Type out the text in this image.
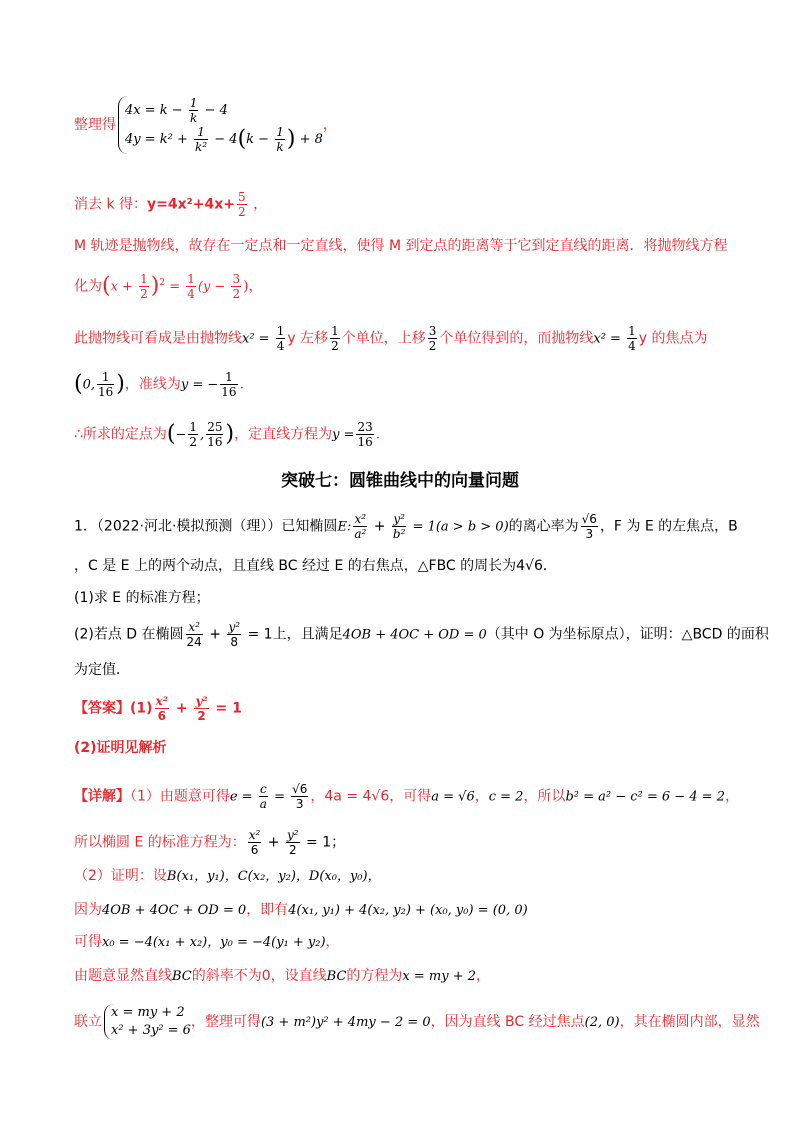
整理得
$4x = k - \frac{1}{k} - 4$
$4y = k^2 + \frac{1}{\text{k²}} - 4(k - \frac{1}{k}$ ) + 8
，
消去 k 得：$y=4x^2+4x+ \frac{5}{2}$ ，
M 轨迹是抛物线，故存在一定点和一定直线，使得 M 到定点的距离等于它到定直线的距离．将抛物线方程
化为$(x + \frac{1}{2} )^2 = \frac{1}{4} (y - \frac{3}{2}$ )，
此抛物线可看成是由抛物线$x^2 = \frac{1}{4}$ y 左移 $\frac{1}{2}$ 个单位，上移 $\frac{3}{2}$ 个单位得到的，而抛物线$x^2 = \frac{1}{4}$ y 的焦点为
(0, $\frac{1}{16}$ )，准线为y = − $\frac{1}{16}$ .
∴所求的定点为(− $\frac{1}{2}$ , $\frac{25}{16}$ )，定直线方程为$y = \frac{23}{16}$ .
突破七：圆锥曲线中的向量问题
1．（2022·河北·模拟预测（理））已知椭圆E: $\frac{\text{x²}}{\text{a²}} + \frac{\text{y²}}{\text{b²}} = 1(a > b > 0)$的离心率为 $\frac{√6}{3}$ ，F 为 E 的左焦点，B
，C 是 E 上的两个动点，且直线 BC 经过 E 的右焦点，△FBC 的周长为4√6．
(1)求 E 的标准方程；
(2)若点 D 在椭圆 $\frac{\text{x²}}{24} + \frac{\text{y²}}{8} = 1$上，且满足4OB + 4OC + OD = 0（其中 O 为坐标原点），证明：△BCD 的面积
为定值．
【答案】$(1) \frac{\text{x²}}{6} + \frac{\text{y²}}{2} = 1$
(2)证明见解析
【详解】（1）由题意可得$e = \frac{c}{a} = \frac{√6}{3}$ ，4a = 4√6，可得a = √6，c = 2，所以b² = a² − c² = 6 − 4 = 2，
所以椭圆 E 的标准方程为： $\frac{\text{x²}}{6} + \frac{\text{y²}}{2} = 1$；
（2）证明：设B(x₁，y₁)，C(x₂，y₂)，D(x₀，y₀)，
因为4OB + 4OC + OD = 0，即有4(x₁, y₁) + 4(x₂, y₂) + (x₀, y₀) = (0, 0)
可得x₀ = −4(x₁ + x₂)，y₀ = −4(y₁ + y₂)，
由题意显然直线BC的斜率不为0，设直线BC的方程为x = my + 2，
联立
x = my + 2
x² + 3y² = 6
，整理可得(3 + m²)y² + 4my − 2 = 0，因为直线 BC 经过焦点(2, 0)，其在椭圆内部，显然
